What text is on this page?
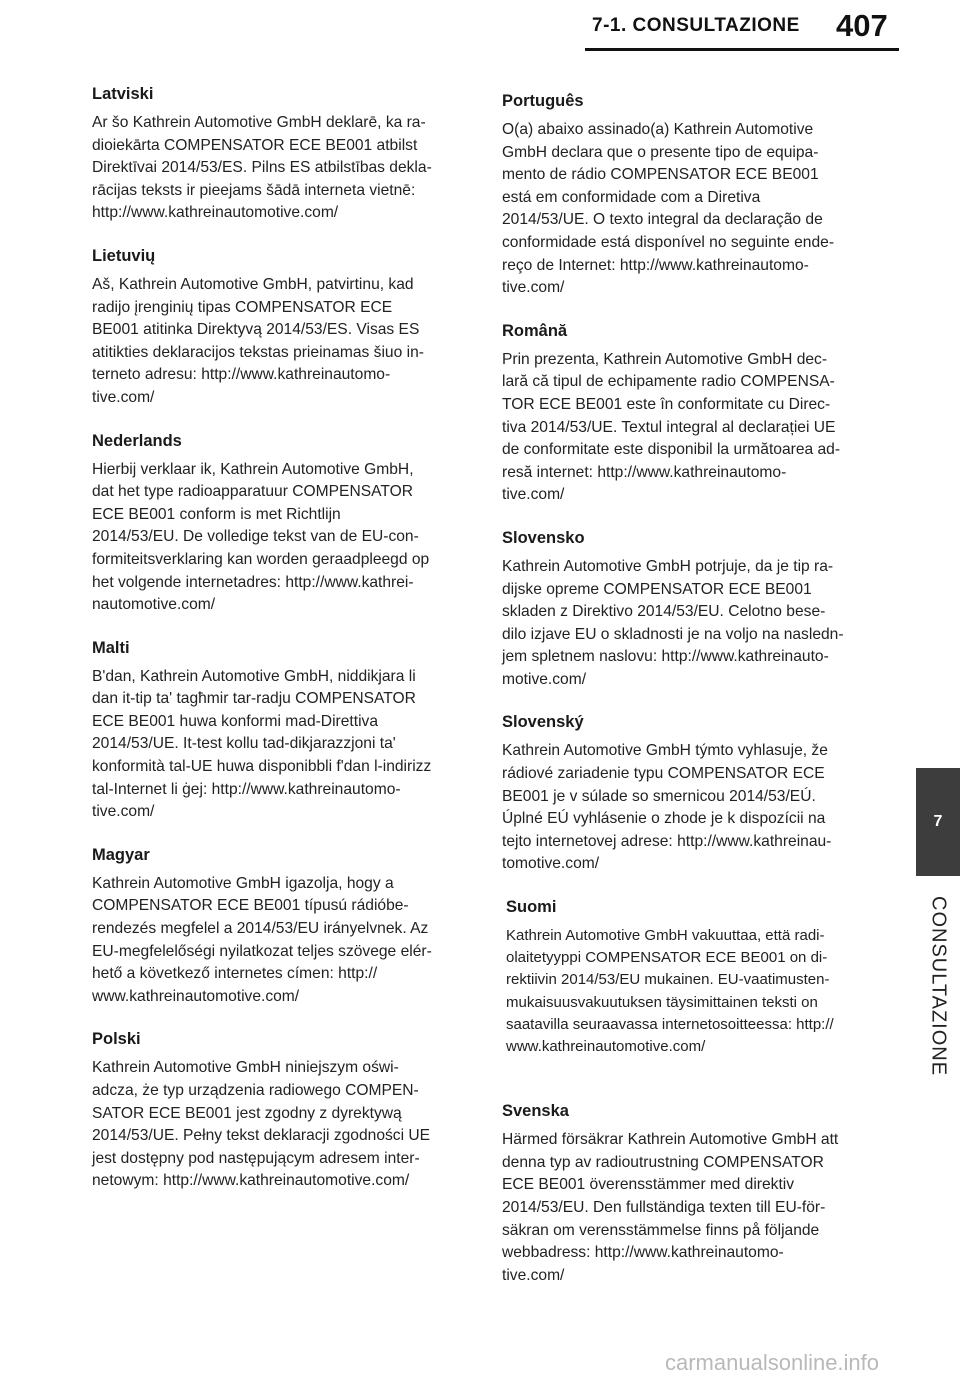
7-1. CONSULTAZIONE 407
Latviski

Ar šo Kathrein Automotive GmbH deklarē, ka ra-
dioiekārta COMPENSATOR ECE BE001 atbilst
Direktīvai 2014/53/ES. Pilns ES atbilstības dekla-
rācijas teksts ir pieejams šādā interneta vietnē:
http://www.kathreinautomotive.com/

Lietuvių

Aš, Kathrein Automotive GmbH, patvirtinu, kad
radijo įrenginių tipas COMPENSATOR ECE
BE001 atitinka Direktyvą 2014/53/ES. Visas ES
atitikties deklaracijos tekstas prieinamas šiuo in-
terneto adresu: http://www.kathreinautomo-
tive.com/

Nederlands

Hierbij verklaar ik, Kathrein Automotive GmbH,
dat het type radioapparatuur COMPENSATOR
ECE BE001 conform is met Richtlijn
2014/53/EU. De volledige tekst van de EU-con-
formiteitsverklaring kan worden geraadpleegd op
het volgende internetadres: http://www.kathrei-
nautomotive.com/

Malti

B'dan, Kathrein Automotive GmbH, niddikjara li
dan it-tip ta' tagħmir tar-radju COMPENSATOR
ECE BE001 huwa konformi mad-Direttiva
2014/53/UE. It-test kollu tad-dikjarazzjoni ta'
konformità tal-UE huwa disponibbli f'dan l-indirizz
tal-Internet li ġej: http://www.kathreinautomo-
tive.com/

Magyar

Kathrein Automotive GmbH igazolja, hogy a
COMPENSATOR ECE BE001 típusú rádióbe-
rendezés megfelel a 2014/53/EU irányelvnek. Az
EU-megfelelőségi nyilatkozat teljes szövege elér-
hető a következő internetes címen: http://
www.kathreinautomotive.com/

Polski

Kathrein Automotive GmbH niniejszym oświ-
adcza, że typ urządzenia radiowego COMPEN-
SATOR ECE BE001 jest zgodny z dyrektywą
2014/53/UE. Pełny tekst deklaracji zgodności UE
jest dostępny pod następującym adresem inter-
netowym: http://www.kathreinautomotive.com/

Português

O(a) abaixo assinado(a) Kathrein Automotive
GmbH declara que o presente tipo de equipa-
mento de rádio COMPENSATOR ECE BE001
está em conformidade com a Diretiva
2014/53/UE. O texto integral da declaração de
conformidade está disponível no seguinte ende-
reço de Internet: http://www.kathreinautomo-
tive.com/

Română

Prin prezenta, Kathrein Automotive GmbH dec-
lară că tipul de echipamente radio COMPENSA-
TOR ECE BE001 este în conformitate cu Direc-
tiva 2014/53/UE. Textul integral al declarației UE
de conformitate este disponibil la următoarea ad-
resă internet: http://www.kathreinautomo-
tive.com/

Slovensko

Kathrein Automotive GmbH potrjuje, da je tip ra-
dijske opreme COMPENSATOR ECE BE001
skladen z Direktivo 2014/53/EU. Celotno bese-
dilo izjave EU o skladnosti je na voljo na nasledn-
jem spletnem naslovu: http://www.kathreinauto-
motive.com/

Slovenský

Kathrein Automotive GmbH týmto vyhlasuje, že
rádiové zariadenie typu COMPENSATOR ECE
BE001 je v súlade so smernicou 2014/53/EÚ.
Úplné EÚ vyhlásenie o zhode je k dispozícii na
tejto internetovej adrese: http://www.kathreinau-
tomotive.com/

Suomi

Kathrein Automotive GmbH vakuuttaa, että radi-
olaitetyyppi COMPENSATOR ECE BE001 on di-
rektiivin 2014/53/EU mukainen. EU-vaatimusten-
mukaisuusvakuutuksen täysimittainen teksti on
saatavilla seuraavassa internetosoitteessa: http://
www.kathreinautomotive.com/

Svenska

Härmed försäkrar Kathrein Automotive GmbH att
denna typ av radioutrustning COMPENSATOR
ECE BE001 överensstämmer med direktiv
2014/53/EU. Den fullständiga texten till EU-för-
säkran om verensstämmelse finns på följande
webbadress: http://www.kathreinautomo-
tive.com/

7
CONSULTAZIONE
carmanualsonline.info
